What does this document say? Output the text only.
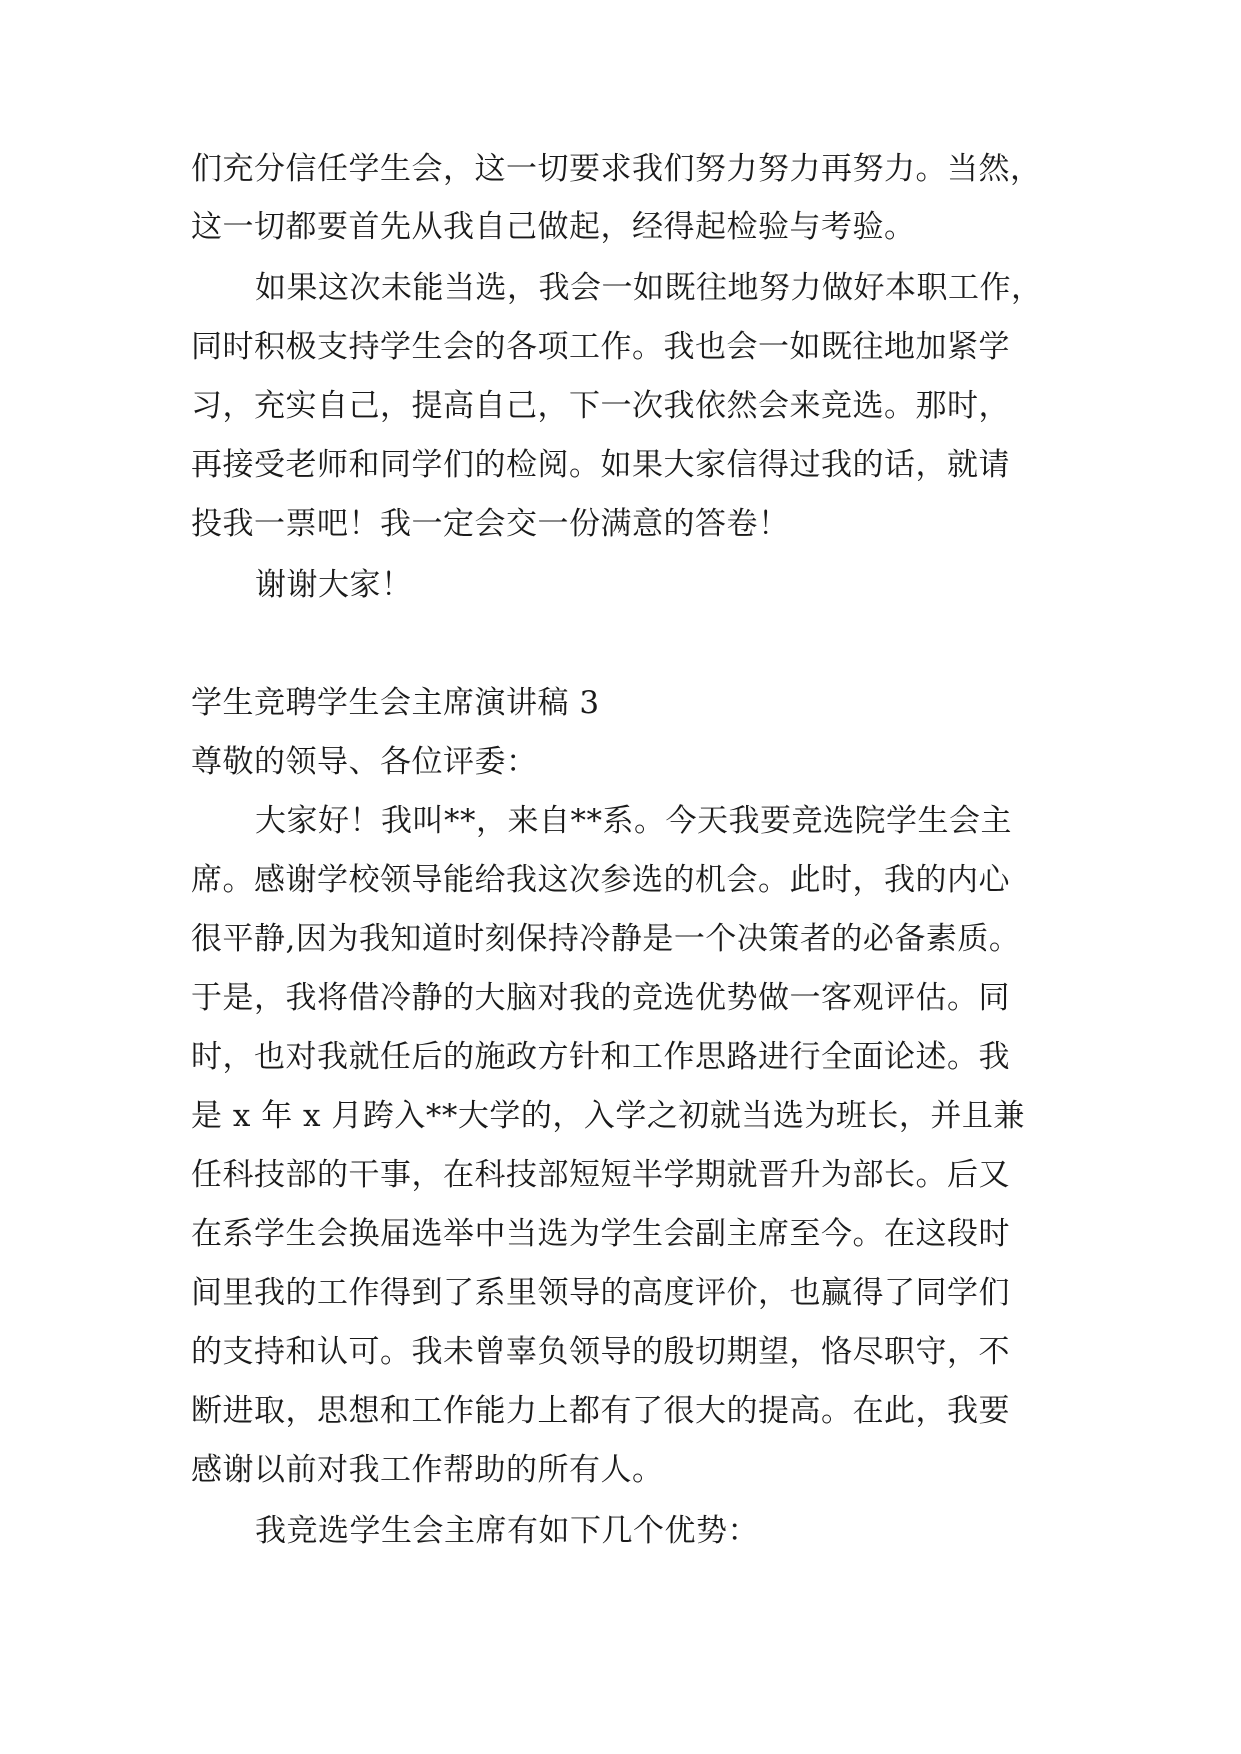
们充分信任学生会，这一切要求我们努力努力再努力。当然，
这一切都要首先从我自己做起，经得起检验与考验。
如果这次未能当选，我会一如既往地努力做好本职工作，
同时积极支持学生会的各项工作。我也会一如既往地加紧学
习，充实自己，提高自己，下一次我依然会来竞选。那时，
再接受老师和同学们的检阅。如果大家信得过我的话，就请
投我一票吧！我一定会交一份满意的答卷！
谢谢大家！
学生竞聘学生会主席演讲稿 3
尊敬的领导、各位评委：
大家好！我叫**，来自**系。今天我要竞选院学生会主
席。感谢学校领导能给我这次参选的机会。此时，我的内心
很平静,因为我知道时刻保持冷静是一个决策者的必备素质。
于是，我将借冷静的大脑对我的竞选优势做一客观评估。同
时，也对我就任后的施政方针和工作思路进行全面论述。我
是 x 年 x 月跨入**大学的，入学之初就当选为班长，并且兼
任科技部的干事，在科技部短短半学期就晋升为部长。后又
在系学生会换届选举中当选为学生会副主席至今。在这段时
间里我的工作得到了系里领导的高度评价，也赢得了同学们
的支持和认可。我未曾辜负领导的殷切期望，恪尽职守，不
断进取，思想和工作能力上都有了很大的提高。在此，我要
感谢以前对我工作帮助的所有人。
我竞选学生会主席有如下几个优势：
